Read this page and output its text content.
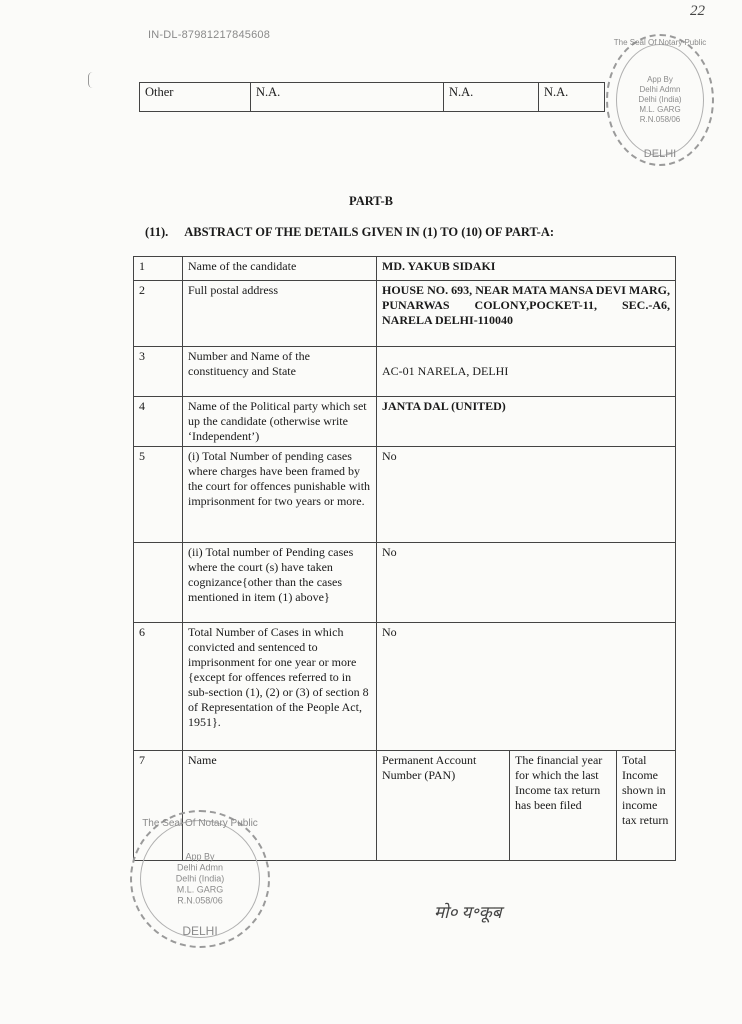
IN-DL-87981217845608
22
Other	N.A.	N.A.	N.A.
App By
Delhi Admn
Delhi (India)
M.L. GARG
R.N.058/06
The Seal Of Notary Public
DELHI
PART-B
(11). ABSTRACT OF THE DETAILS GIVEN IN (1) TO (10) OF PART-A:
1	Name of the candidate	MD. YAKUB SIDAKI		
2	Full postal address	HOUSE NO. 693, NEAR MATA MANSA DEVI MARG, PUNARWAS COLONY,POCKET-11, SEC.-A6, NARELA DELHI-110040		
3	Number and Name of the constituency and State	AC-01 NARELA, DELHI		
4	Name of the Political party which set up the candidate (otherwise write ‘Independent’)	JANTA DAL (UNITED)		
5	(i) Total Number of pending cases where charges have been framed by the court for offences punishable with imprisonment for two years or more.	No		
	(ii) Total number of Pending cases where the court (s) have taken cognizance{other than the cases mentioned in item (1) above}	No		
6	Total Number of Cases in which convicted and sentenced to imprisonment for one year or more {except for offences referred to in sub-section (1), (2) or (3) of section 8 of Representation of the People Act, 1951}.	No		
7	Name	Permanent Account Number (PAN)	The financial year for which the last Income tax return has been filed	Total Income shown in income tax return
The Seal Of Notary Public
App By
Delhi Admn
Delhi (India)
M.L. GARG
R.N.058/06
DELHI
मो० य॰कूब
